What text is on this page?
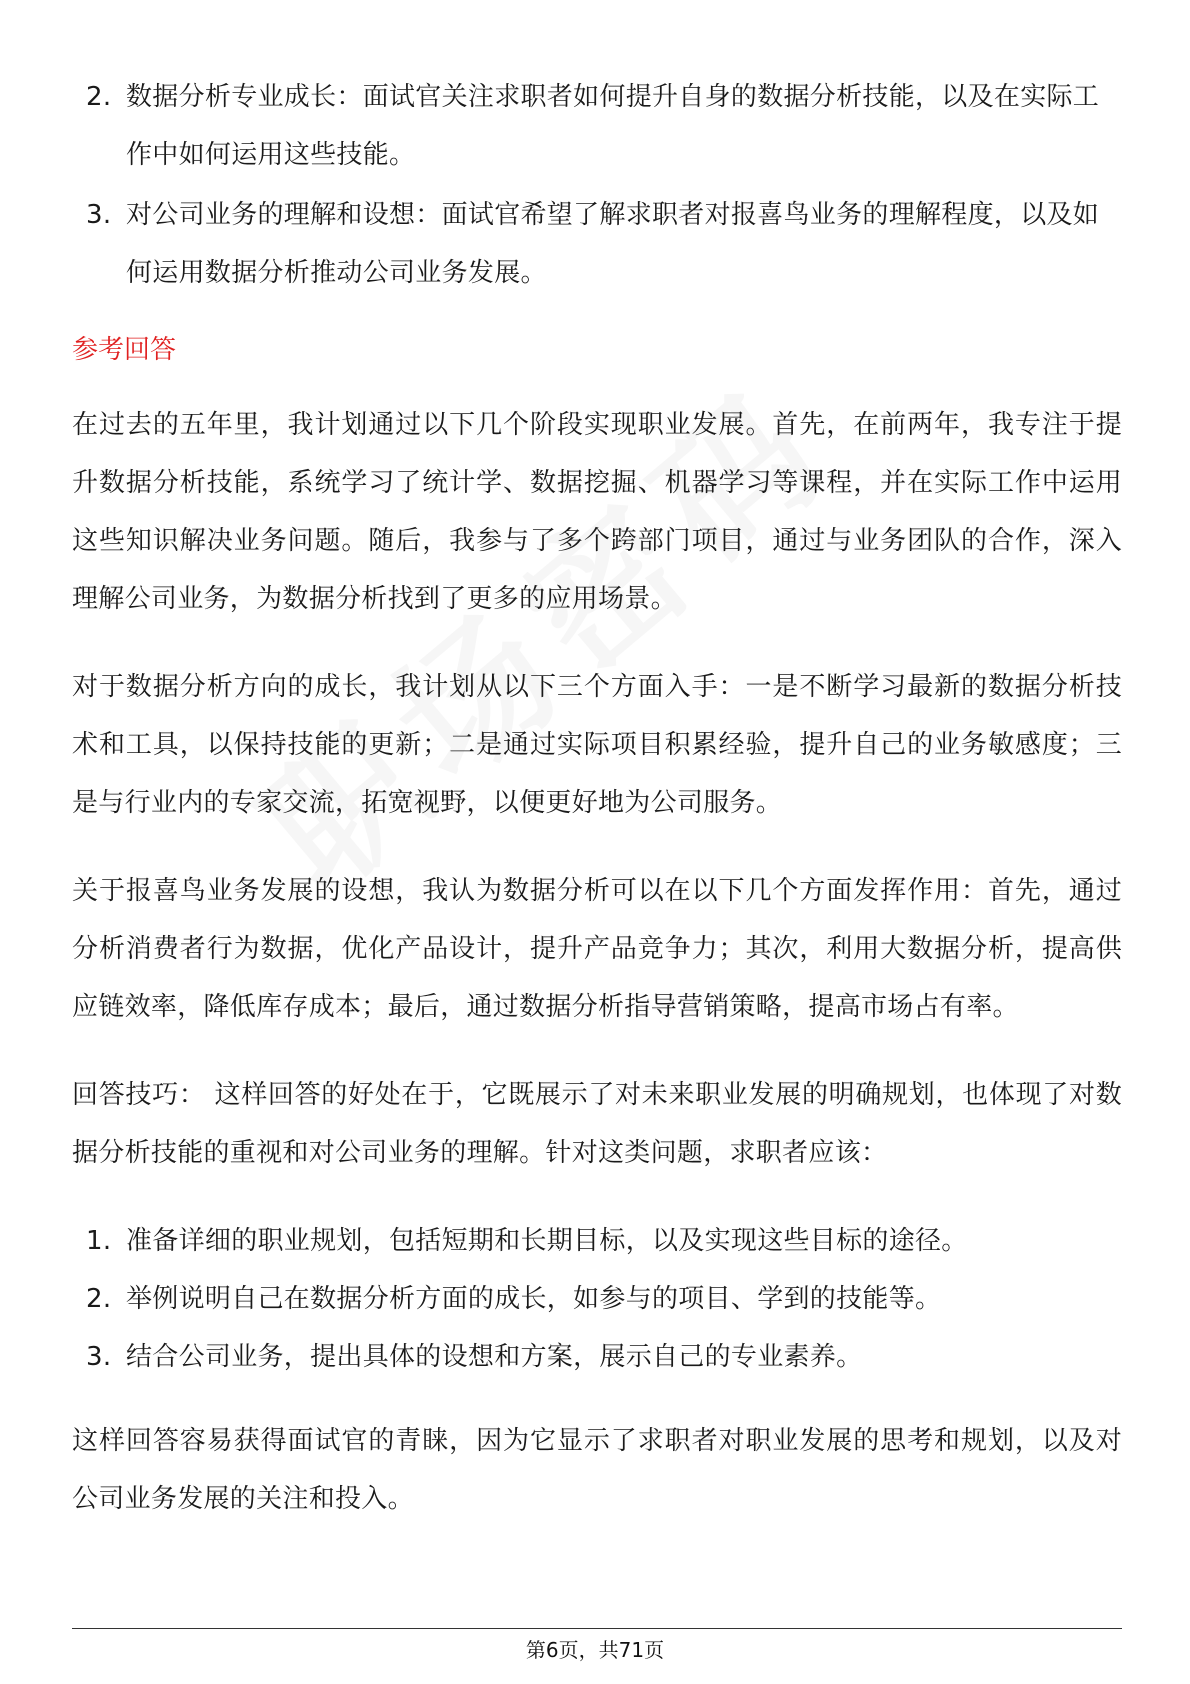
2. 数据分析专业成长：面试官关注求职者如何提升自身的数据分析技能，以及在实际工作中如何运用这些技能。
3. 对公司业务的理解和设想：面试官希望了解求职者对报喜鸟业务的理解程度，以及如何运用数据分析推动公司业务发展。
参考回答

在过去的五年里，我计划通过以下几个阶段实现职业发展。首先，在前两年，我专注于提升数据分析技能，系统学习了统计学、数据挖掘、机器学习等课程，并在实际工作中运用这些知识解决业务问题。随后，我参与了多个跨部门项目，通过与业务团队的合作，深入理解公司业务，为数据分析找到了更多的应用场景。

对于数据分析方向的成长，我计划从以下三个方面入手：一是不断学习最新的数据分析技术和工具，以保持技能的更新；二是通过实际项目积累经验，提升自己的业务敏感度；三是与行业内的专家交流，拓宽视野，以便更好地为公司服务。

关于报喜鸟业务发展的设想，我认为数据分析可以在以下几个方面发挥作用：首先，通过分析消费者行为数据，优化产品设计，提升产品竞争力；其次，利用大数据分析，提高供应链效率，降低库存成本；最后，通过数据分析指导营销策略，提高市场占有率。

回答技巧： 这样回答的好处在于，它既展示了对未来职业发展的明确规划，也体现了对数据分析技能的重视和对公司业务的理解。针对这类问题，求职者应该：

1. 准备详细的职业规划，包括短期和长期目标，以及实现这些目标的途径。
2. 举例说明自己在数据分析方面的成长，如参与的项目、学到的技能等。
3. 结合公司业务，提出具体的设想和方案，展示自己的专业素养。

这样回答容易获得面试官的青睐，因为它显示了求职者对职业发展的思考和规划，以及对公司业务发展的关注和投入。

第6页，共71页
